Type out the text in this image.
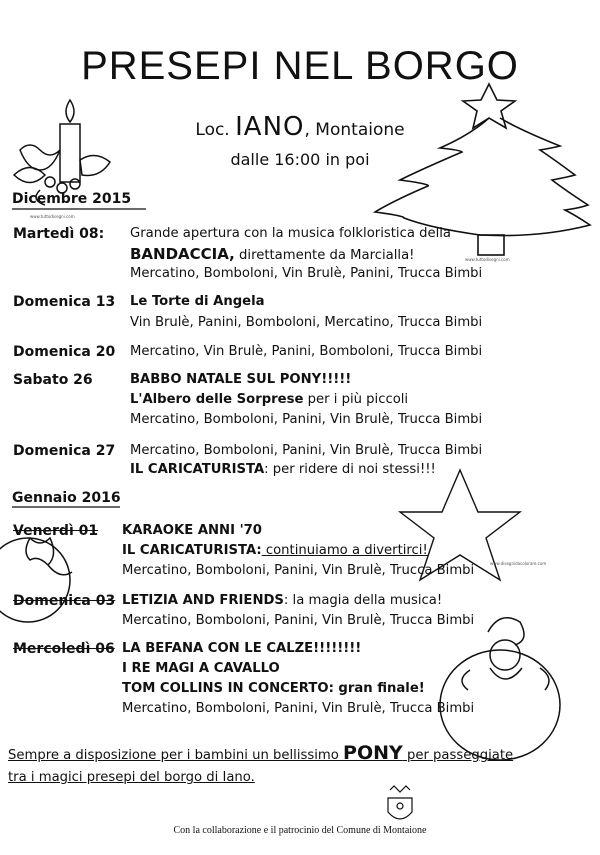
PRESEPI NEL BORGO
Loc. IANO, Montaione
dalle 16:00 in poi
Dicembre 2015
www.tuttodisegni.com
www.tuttodisegni.com
Martedì 08: Grande apertura con la musica folkloristica della
BANDACCIA, direttamente da Marcialla!
Mercatino, Bomboloni, Vin Brulè, Panini, Trucca Bimbi
Domenica 13 Le Torte di Angela
Vin Brulè, Panini, Bomboloni, Mercatino, Trucca Bimbi
Domenica 20 Mercatino, Vin Brulè, Panini, Bomboloni, Trucca Bimbi
Sabato 26	BABBO NATALE SUL PONY!!!!!
L'Albero delle Sorprese per i più piccoli
Mercatino, Bomboloni, Panini, Vin Brulè, Trucca Bimbi
Domenica 27 Mercatino, Bomboloni, Panini, Vin Brulè, Trucca Bimbi
IL CARICATURISTA: per ridere di noi stessi!!!
Gennaio 2016
www.disegnidacolorare.com
Venerdì 01 KARAOKE ANNI '70
IL CARICATURISTA: continuiamo a divertirci!
Mercatino, Bomboloni, Panini, Vin Brulè, Trucca Bimbi
Domenica 03 LETIZIA AND FRIENDS: la magia della musica!
Mercatino, Bomboloni, Panini, Vin Brulè, Trucca Bimbi
Mercoledì 06 LA BEFANA CON LE CALZE!!!!!!!!
I RE MAGI A CAVALLO
TOM COLLINS IN CONCERTO: gran finale!
Mercatino, Bomboloni, Panini, Vin Brulè, Trucca Bimbi
Sempre a disposizione per i bambini un bellissimo PONY per passeggiate
tra i magici presepi del borgo di Iano.
Con la collaborazione e il patrocinio del Comune di Montaione
